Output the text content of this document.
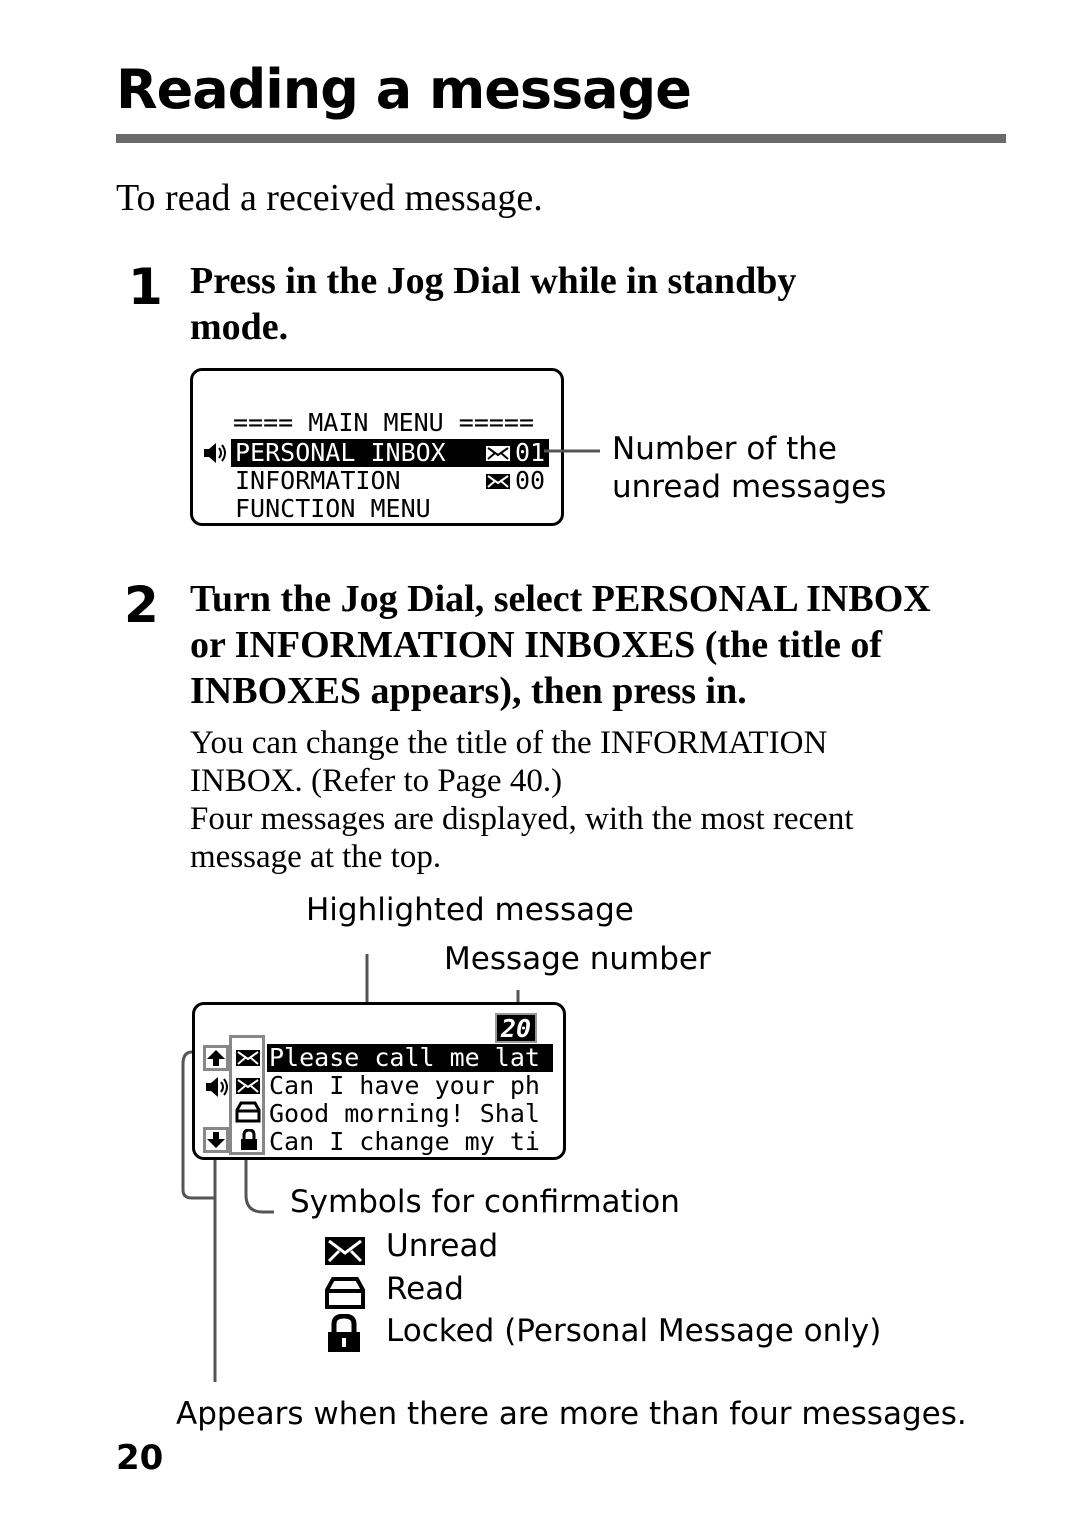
Reading a message
To read a received message.
1 Press in the Jog Dial while in standby
mode.
==== MAIN MENU =====
PERSONAL INBOX	01
INFORMATION	00
FUNCTION MENU
Number of the
unread messages
2 Turn the Jog Dial, select PERSONAL INBOX
or INFORMATION INBOXES (the title of
INBOXES appears), then press in.
You can change the title of the INFORMATION
INBOX. (Refer to Page 40.)
Four messages are displayed, with the most recent
message at the top.
Highlighted message
Message number
20
Please call me lat
Can I have your ph
Good morning! Shal
Can I change my ti
Symbols for confirmation
Unread
Read
Locked (Personal Message only)
Appears when there are more than four messages.
20
